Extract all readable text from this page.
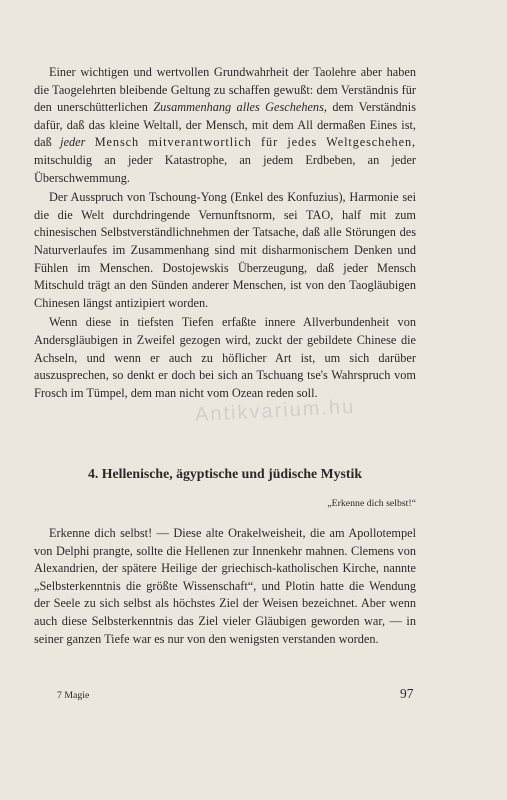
Einer wichtigen und wertvollen Grundwahrheit der Taolehre aber haben die Taogelehrten bleibende Geltung zu schaffen gewußt: dem Verständnis für den unerschütterlichen Zusammenhang alles Geschehens, dem Verständnis dafür, daß das kleine Weltall, der Mensch, mit dem All dermaßen Eines ist, daß jeder Mensch mitverantwortlich für jedes Weltgeschehen, mitschuldig an jeder Katastrophe, an jedem Erdbeben, an jeder Überschwemmung.

Der Ausspruch von Tschoung-Yong (Enkel des Konfuzius), Harmonie sei die die Welt durchdringende Vernunftsnorm, sei TAO, half mit zum chinesischen Selbstverständlichnehmen der Tatsache, daß alle Störungen des Naturverlaufes im Zusammenhang sind mit disharmonischem Denken und Fühlen im Menschen. Dostojewskis Überzeugung, daß jeder Mensch Mitschuld trägt an den Sünden anderer Menschen, ist von den Taogläubigen Chinesen längst antizipiert worden.

Wenn diese in tiefsten Tiefen erfaßte innere Allverbundenheit von Andersgläubigen in Zweifel gezogen wird, zuckt der gebildete Chinese die Achseln, und wenn er auch zu höflicher Art ist, um sich darüber auszusprechen, so denkt er doch bei sich an Tschuang tse's Wahrspruch vom Frosch im Tümpel, dem man nicht vom Ozean reden soll.

Antikvarium.hu
4. Hellenische, ägyptische und jüdische Mystik
„Erkenne dich selbst!“

Erkenne dich selbst! — Diese alte Orakelweisheit, die am Apollotempel von Delphi prangte, sollte die Hellenen zur Innenkehr mahnen. Clemens von Alexandrien, der spätere Heilige der griechisch-katholischen Kirche, nannte „Selbsterkenntnis die größte Wissenschaft“, und Plotin hatte die Wendung der Seele zu sich selbst als höchstes Ziel der Weisen bezeichnet. Aber wenn auch diese Selbsterkenntnis das Ziel vieler Gläubigen geworden war, — in seiner ganzen Tiefe war es nur von den wenigsten verstanden worden.

7 Magie	97
